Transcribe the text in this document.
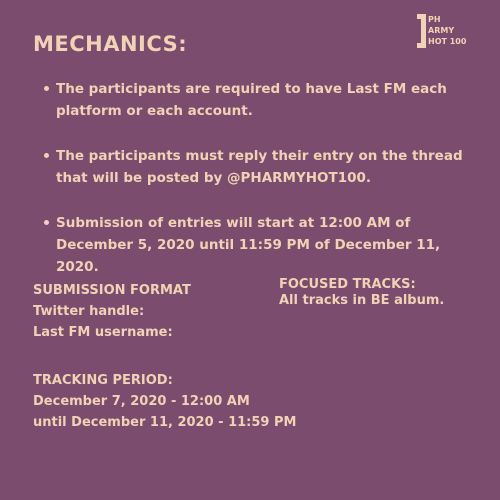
MECHANICS:
PH
ARMY
HOT 100
The participants are required to have Last FM each platform or each account.
The participants must reply their entry on the thread that will be posted by @PHARMYHOT100.
Submission of entries will start at 12:00 AM of December 5, 2020 until 11:59 PM of December 11, 2020.
SUBMISSION FORMAT
Twitter handle:
Last FM username:
FOCUSED TRACKS:
All tracks in BE album.
TRACKING PERIOD:
December 7, 2020 - 12:00 AM
until December 11, 2020 - 11:59 PM
